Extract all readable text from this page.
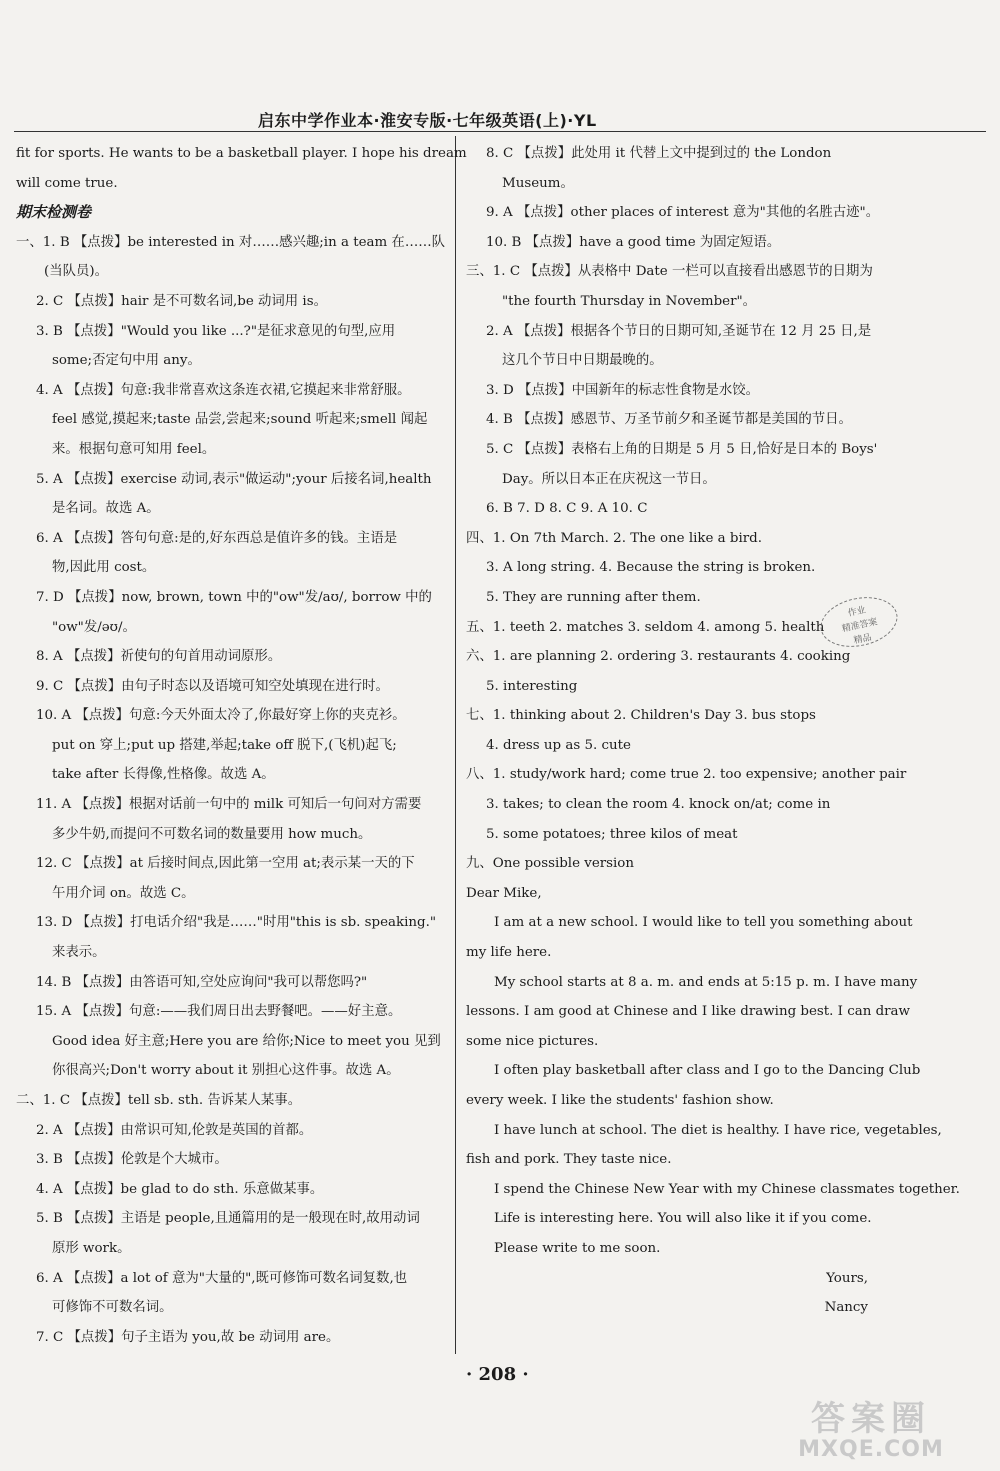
启东中学作业本·淮安专版·七年级英语(上)·YL

fit for sports. He wants to be a basketball player. I hope his dream

will come true.

期末检测卷

一、1. B 【点拨】be interested in 对……感兴趣;in a team 在……队

(当队员)。

2. C 【点拨】hair 是不可数名词,be 动词用 is。

3. B 【点拨】"Would you like ...?"是征求意见的句型,应用

some;否定句中用 any。

4. A 【点拨】句意:我非常喜欢这条连衣裙,它摸起来非常舒服。

feel 感觉,摸起来;taste 品尝,尝起来;sound 听起来;smell 闻起

来。根据句意可知用 feel。

5. A 【点拨】exercise 动词,表示"做运动";your 后接名词,health

是名词。故选 A。

6. A 【点拨】答句句意:是的,好东西总是值许多的钱。主语是

物,因此用 cost。

7. D 【点拨】now, brown, town 中的"ow"发/aʊ/, borrow 中的

"ow"发/əʊ/。

8. A 【点拨】祈使句的句首用动词原形。

9. C 【点拨】由句子时态以及语境可知空处填现在进行时。

10. A 【点拨】句意:今天外面太冷了,你最好穿上你的夹克衫。

put on 穿上;put up 搭建,举起;take off 脱下,(飞机)起飞;

take after 长得像,性格像。故选 A。

11. A 【点拨】根据对话前一句中的 milk 可知后一句问对方需要

多少牛奶,而提问不可数名词的数量要用 how much。

12. C 【点拨】at 后接时间点,因此第一空用 at;表示某一天的下

午用介词 on。故选 C。

13. D 【点拨】打电话介绍"我是……"时用"this is sb. speaking."

来表示。

14. B 【点拨】由答语可知,空处应询问"我可以帮您吗?"

15. A 【点拨】句意:——我们周日出去野餐吧。——好主意。

Good idea 好主意;Here you are 给你;Nice to meet you 见到

你很高兴;Don't worry about it 别担心这件事。故选 A。

二、1. C 【点拨】tell sb. sth. 告诉某人某事。

2. A 【点拨】由常识可知,伦敦是英国的首都。

3. B 【点拨】伦敦是个大城市。

4. A 【点拨】be glad to do sth. 乐意做某事。

5. B 【点拨】主语是 people,且通篇用的是一般现在时,故用动词

原形 work。

6. A 【点拨】a lot of 意为"大量的",既可修饰可数名词复数,也

可修饰不可数名词。

7. C 【点拨】句子主语为 you,故 be 动词用 are。

8. C 【点拨】此处用 it 代替上文中提到过的 the London

Museum。

9. A 【点拨】other places of interest 意为"其他的名胜古迹"。

10. B 【点拨】have a good time 为固定短语。

三、1. C 【点拨】从表格中 Date 一栏可以直接看出感恩节的日期为

"the fourth Thursday in November"。

2. A 【点拨】根据各个节日的日期可知,圣诞节在 12 月 25 日,是

这几个节日中日期最晚的。

3. D 【点拨】中国新年的标志性食物是水饺。

4. B 【点拨】感恩节、万圣节前夕和圣诞节都是美国的节日。

5. C 【点拨】表格右上角的日期是 5 月 5 日,恰好是日本的 Boys'

Day。所以日本正在庆祝这一节日。

6. B 7. D 8. C 9. A 10. C

四、1. On 7th March. 2. The one like a bird.

3. A long string. 4. Because the string is broken.

5. They are running after them.

五、1. teeth 2. matches 3. seldom 4. among 5. health

六、1. are planning 2. ordering 3. restaurants 4. cooking

5. interesting

七、1. thinking about 2. Children's Day 3. bus stops

4. dress up as 5. cute

八、1. study/work hard; come true 2. too expensive; another pair

3. takes; to clean the room 4. knock on/at; come in

5. some potatoes; three kilos of meat

九、One possible version

Dear Mike,

I am at a new school. I would like to tell you something about

my life here.

My school starts at 8 a. m. and ends at 5:15 p. m. I have many

lessons. I am good at Chinese and I like drawing best. I can draw

some nice pictures.

I often play basketball after class and I go to the Dancing Club

every week. I like the students' fashion show.

I have lunch at school. The diet is healthy. I have rice, vegetables,

fish and pork. They taste nice.

I spend the Chinese New Year with my Chinese classmates together.

Life is interesting here. You will also like it if you come.

Please write to me soon.

Yours,

Nancy

作业
精准答案
精品
· 208 ·
答案圈
MXQE.COM
